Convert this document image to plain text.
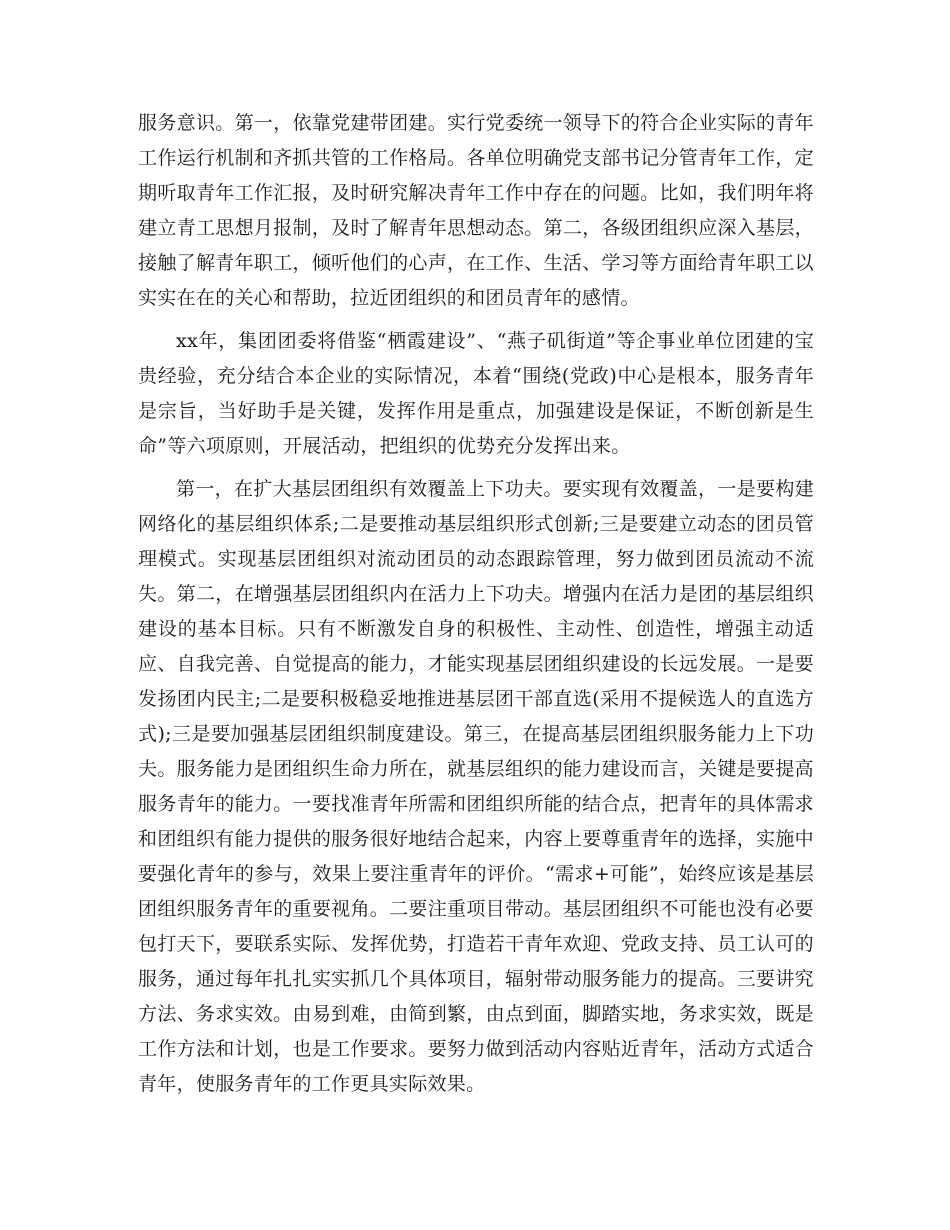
服务意识。第一，依靠党建带团建。实行党委统一领导下的符合企业实际的青年工作运行机制和齐抓共管的工作格局。各单位明确党支部书记分管青年工作，定期听取青年工作汇报，及时研究解决青年工作中存在的问题。比如，我们明年将建立青工思想月报制，及时了解青年思想动态。第二，各级团组织应深入基层，接触了解青年职工，倾听他们的心声，在工作、生活、学习等方面给青年职工以实实在在的关心和帮助，拉近团组织的和团员青年的感情。

xx年，集团团委将借鉴“栖霞建设”、“燕子矶街道”等企事业单位团建的宝贵经验，充分结合本企业的实际情况，本着“围绕(党政)中心是根本，服务青年是宗旨，当好助手是关键，发挥作用是重点，加强建设是保证，不断创新是生命”等六项原则，开展活动，把组织的优势充分发挥出来。

第一，在扩大基层团组织有效覆盖上下功夫。要实现有效覆盖，一是要构建网络化的基层组织体系;二是要推动基层组织形式创新;三是要建立动态的团员管理模式。实现基层团组织对流动团员的动态跟踪管理，努力做到团员流动不流失。第二，在增强基层团组织内在活力上下功夫。增强内在活力是团的基层组织建设的基本目标。只有不断激发自身的积极性、主动性、创造性，增强主动适应、自我完善、自觉提高的能力，才能实现基层团组织建设的长远发展。一是要发扬团内民主;二是要积极稳妥地推进基层团干部直选(采用不提候选人的直选方式);三是要加强基层团组织制度建设。第三，在提高基层团组织服务能力上下功夫。服务能力是团组织生命力所在，就基层组织的能力建设而言，关键是要提高服务青年的能力。一要找准青年所需和团组织所能的结合点，把青年的具体需求和团组织有能力提供的服务很好地结合起来，内容上要尊重青年的选择，实施中要强化青年的参与，效果上要注重青年的评价。“需求+可能”，始终应该是基层团组织服务青年的重要视角。二要注重项目带动。基层团组织不可能也没有必要包打天下，要联系实际、发挥优势，打造若干青年欢迎、党政支持、员工认可的服务，通过每年扎扎实实抓几个具体项目，辐射带动服务能力的提高。三要讲究方法、务求实效。由易到难，由简到繁，由点到面，脚踏实地，务求实效，既是工作方法和计划，也是工作要求。要努力做到活动内容贴近青年，活动方式适合青年，使服务青年的工作更具实际效果。
